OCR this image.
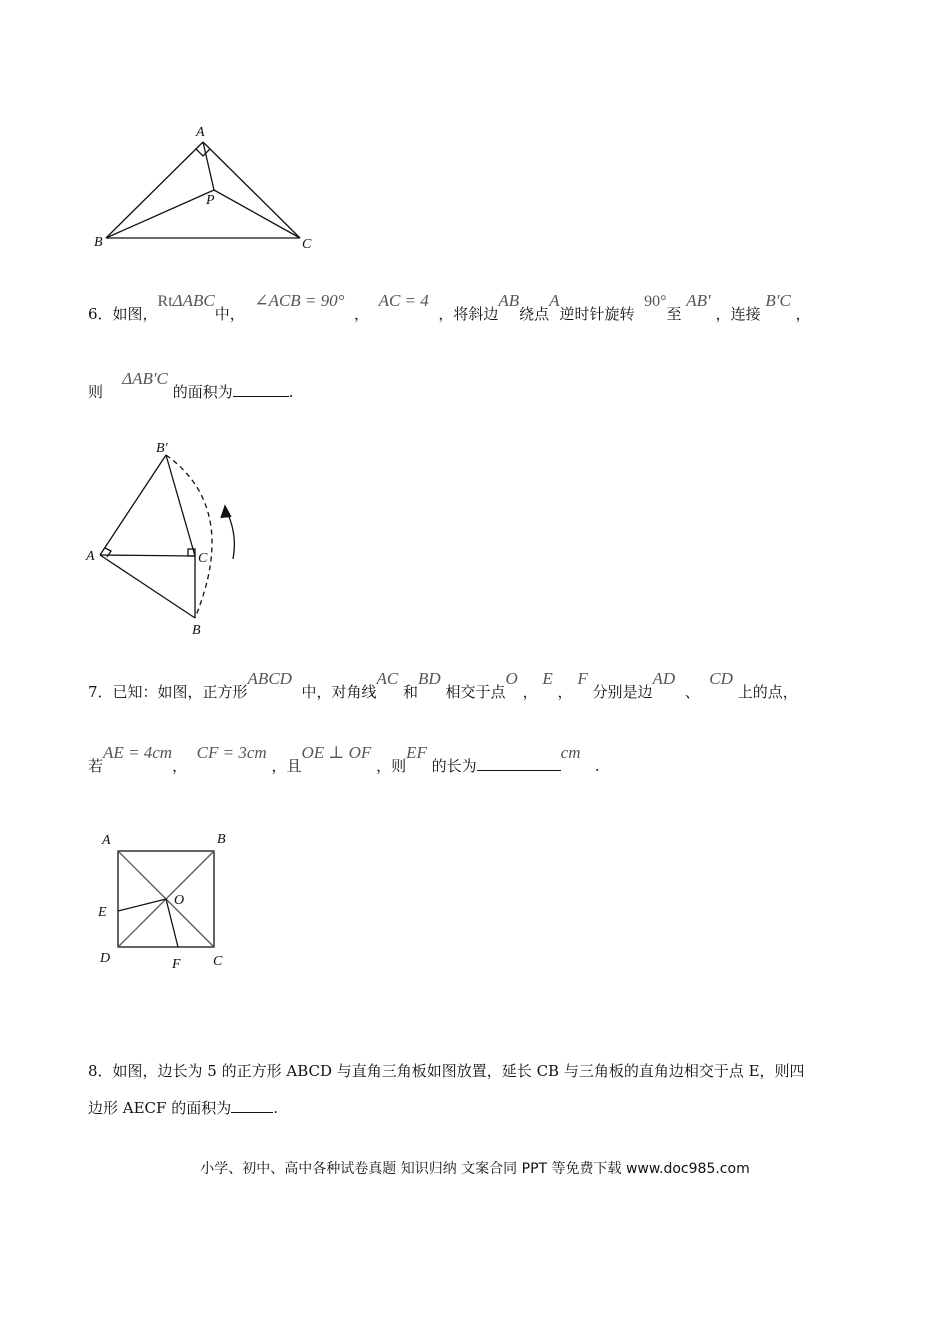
A
P
B	C
6．如图，RtΔABC中，  ∠ACB = 90°  ，  AC = 4  ，将斜边AB绕点A逆时针旋转  90°至 AB′ ，连接 B′C ，
则    ΔAB′C 的面积为	.
B′
A	C
B
7．已知：如图，正方形ABCD  中，对角线AC 和BD 相交于点O ， E ， F 分别是边AD  、  CD 上的点，
若AE = 4cm，  CF = 3cm ，且OE ⊥ OF ，则EF 的长为cm   .
A	B
E
O
D	F C
8．如图，边长为 5 的正方形 ABCD 与直角三角板如图放置，延长 CB 与三角板的直角边相交于点 E，则四
边形 AECF 的面积为	.
小学、初中、高中各种试卷真题 知识归纳 文案合同 PPT 等免费下载 www.doc985.com
